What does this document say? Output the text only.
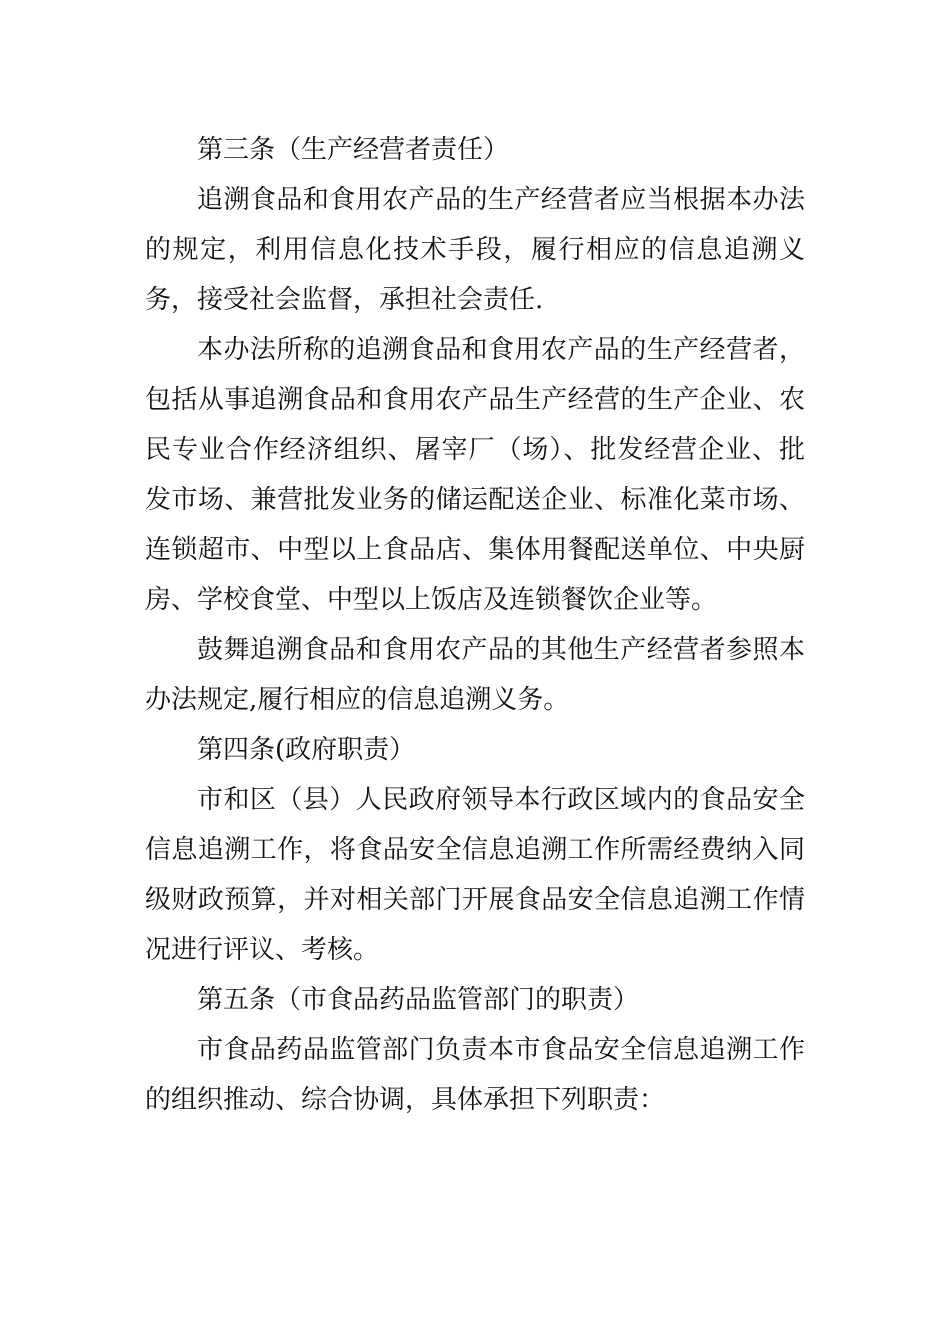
第三条（生产经营者责任）

追溯食品和食用农产品的生产经营者应当根据本办法的规定，利用信息化技术手段，履行相应的信息追溯义务，接受社会监督，承担社会责任.

本办法所称的追溯食品和食用农产品的生产经营者，包括从事追溯食品和食用农产品生产经营的生产企业、农民专业合作经济组织、屠宰厂（场）、批发经营企业、批发市场、兼营批发业务的储运配送企业、标准化菜市场、连锁超市、中型以上食品店、集体用餐配送单位、中央厨房、学校食堂、中型以上饭店及连锁餐饮企业等。

鼓舞追溯食品和食用农产品的其他生产经营者参照本办法规定,履行相应的信息追溯义务。

第四条(政府职责）

市和区（县）人民政府领导本行政区域内的食品安全信息追溯工作，将食品安全信息追溯工作所需经费纳入同级财政预算，并对相关部门开展食品安全信息追溯工作情况进行评议、考核。

第五条（市食品药品监管部门的职责）

市食品药品监管部门负责本市食品安全信息追溯工作的组织推动、综合协调，具体承担下列职责：
